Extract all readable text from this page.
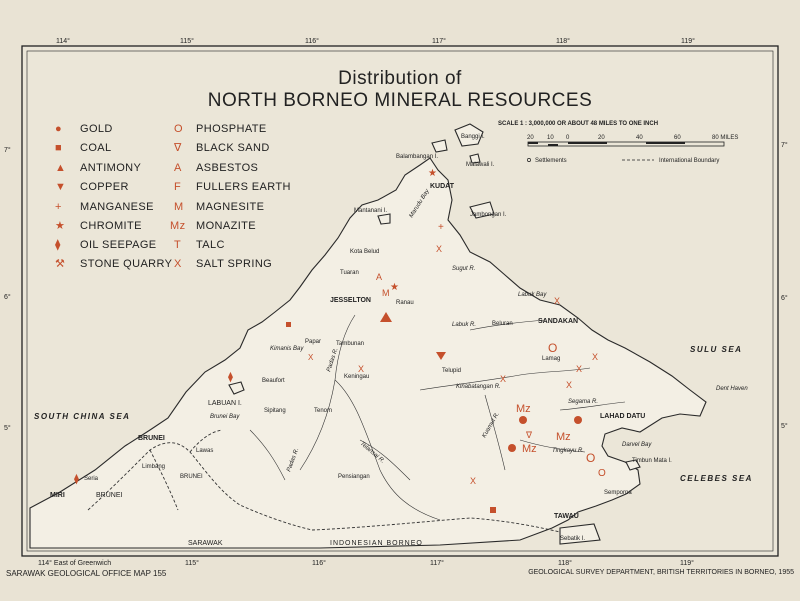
114°	115°	116°	117°	118°	119°
114° East of Greenwich	115°	116°	117°	118°	119°
7°
6°
5°
7°
6°
5°
Distribution of
NORTH BORNEO MINERAL RESOURCES
SCALE 1 : 3,000,000 OR ABOUT 48 MILES TO ONE INCH
20 10 0	20	40	60	80 MILES
Settlements	International Boundary
● GOLD
■ COAL
▲ ANTIMONY
▼ COPPER
+ MANGANESE
★ CHROMITE
⧫ OIL SEEPAGE
⚒ STONE QUARRY
O PHOSPHATE
∇ BLACK SAND
A ASBESTOS
F FULLERS EARTH
M MAGNESITE
Mz MONAZITE
T TALC
X SALT SPRING
SOUTH CHINA SEA
SULU SEA
CELEBES SEA
Banggi I.
Balambangan I.
Malawali I.
KUDAT
Jambongan I.
Mantanani I.	Marudu Bay
Kota Belud
Tuaran
JESSELTON	Ranau
Sugut R.
Labuk Bay
Beluran	SANDAKAN
Labuk R.
Kimanis Bay
Papar Tambunan
Padas R.
Keningau
Telupid
Lamag
Beaufort
LABUAN I.
Brunei Bay
Sipitang	Tenom
Kinabatangan R.
Kuamut R.
Segama R.
LAHAD DATU
Darvel Bay
Timbun Mata I.
Semporna
TAWAU
Sebatik I.
Tingkayu R.
Telansai R.
Pensiangan
Padas R.
BRUNEI
Lawas
Limbang
BRUNEI
Seria
MIRI	BRUNEI
SARAWAK	INDONESIAN BORNEO
Dent Haven
★
+
X
A
M ★
X
X
⧫
⧫
Mz
Mz
Mz
X
X
X
X
X
O
O
O
∇
X
SARAWAK GEOLOGICAL OFFICE MAP 155	GEOLOGICAL SURVEY DEPARTMENT, BRITISH TERRITORIES IN BORNEO, 1955
